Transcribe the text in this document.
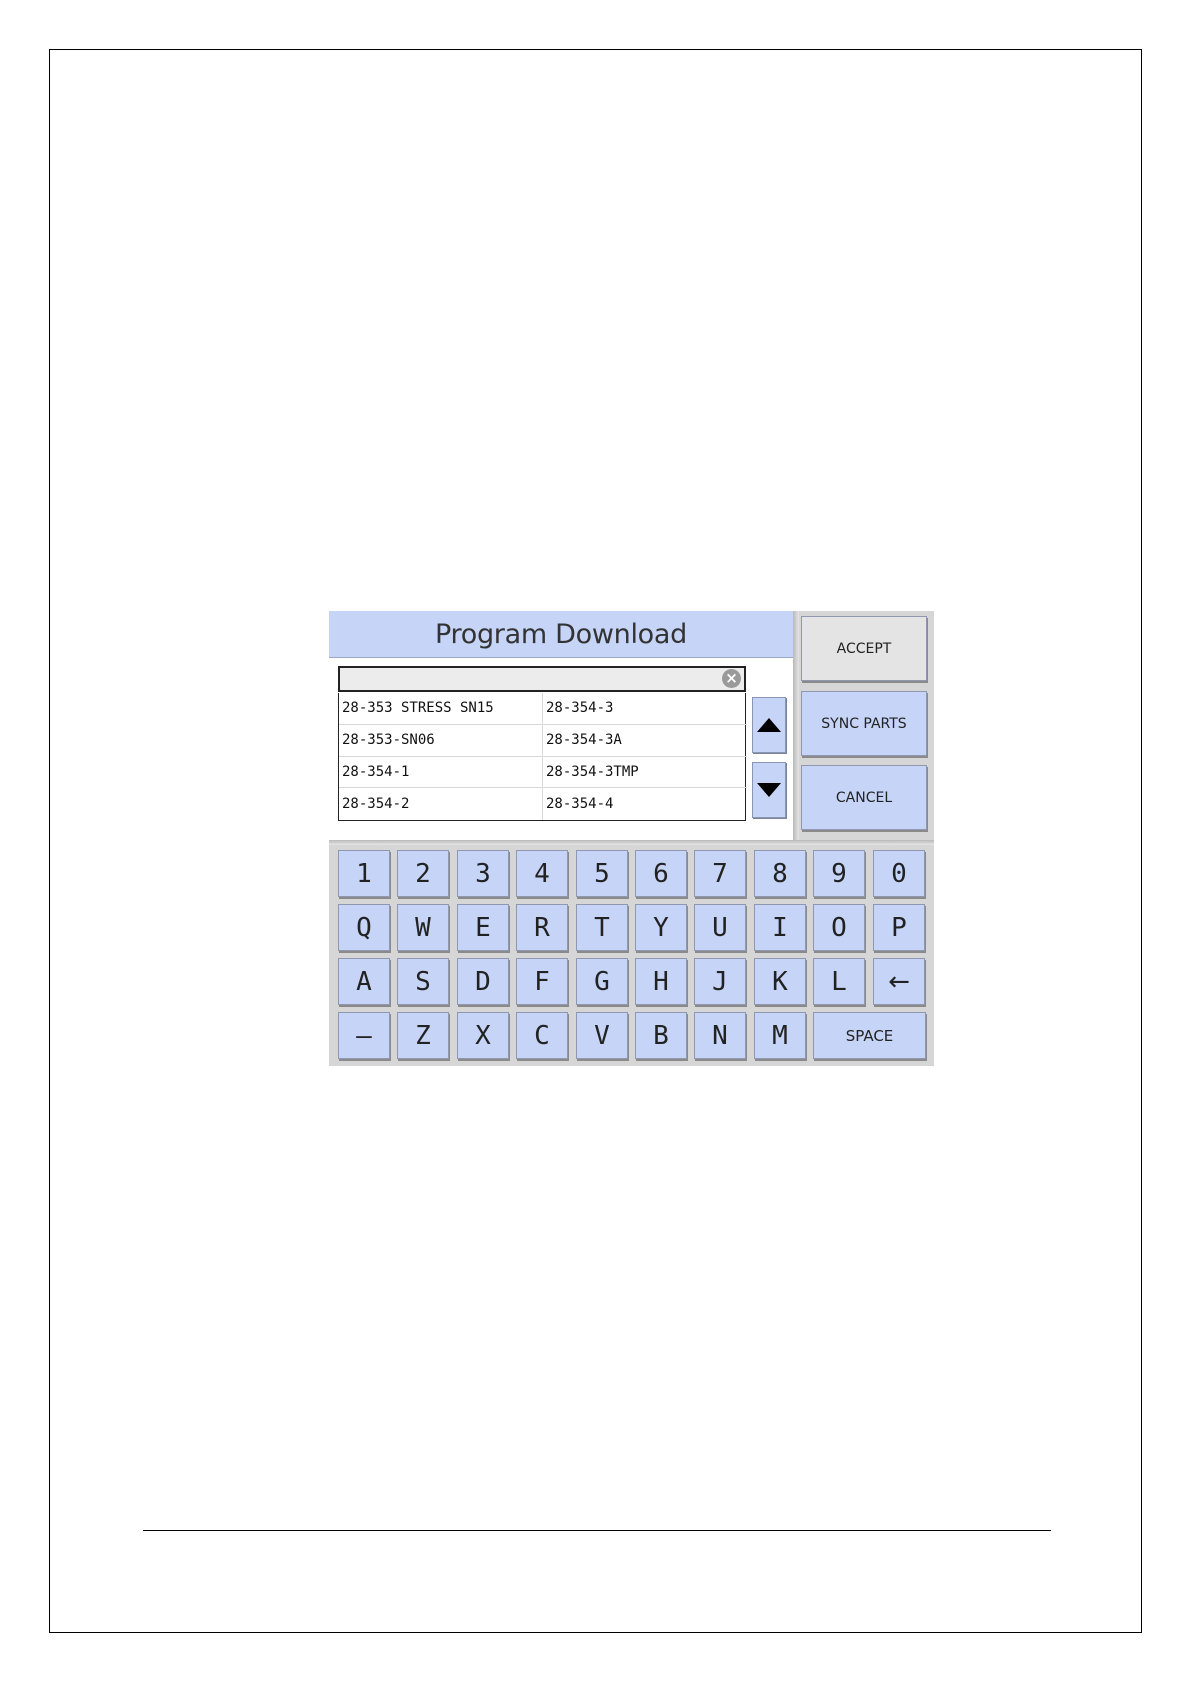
Program Download
×
28-353 STRESS SN15	28-354-3
28-353-SN06	28-354-3A
28-354-1	28-354-3TMP
28-354-2	28-354-4
ACCEPT
SYNC PARTS
CANCEL
1	2	3	4	5	6	7	8	9	0
Q	W	E	R	T	Y	U	I	O	P
A	S	D	F	G	H	J	K	L	←
–	Z	X	C	V	B	N	M	SPACE
